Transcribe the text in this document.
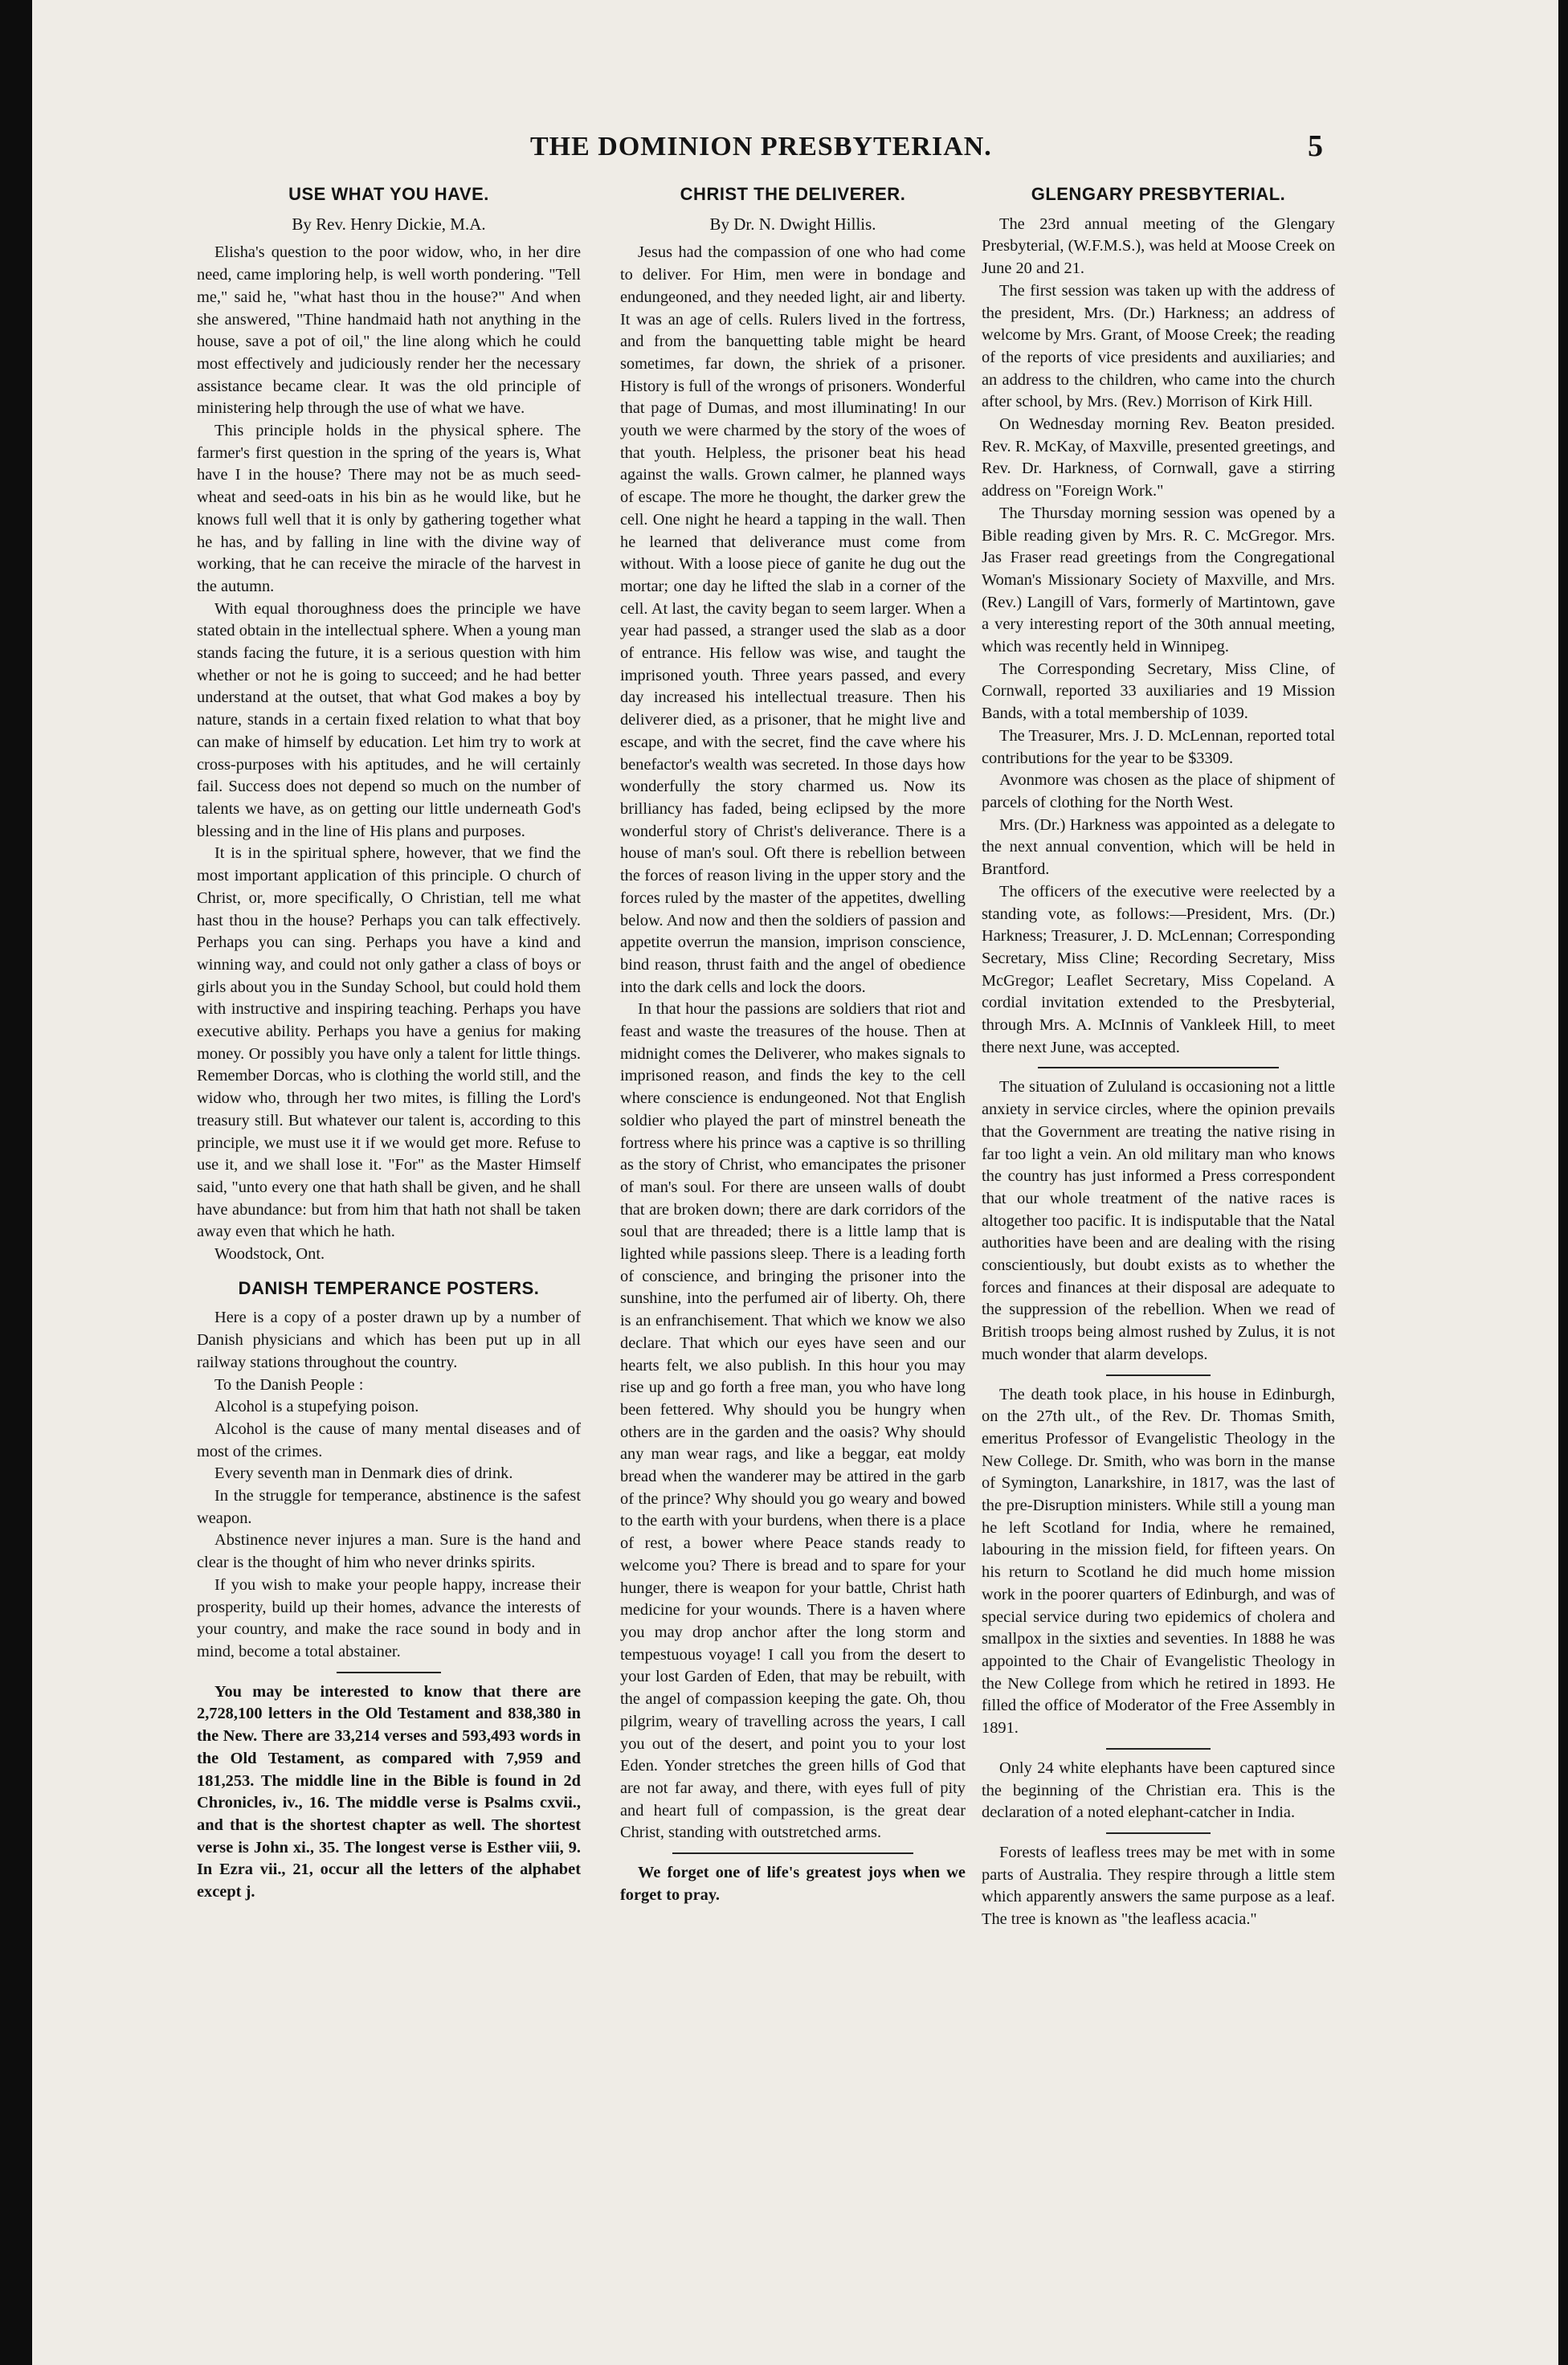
THE DOMINION PRESBYTERIAN.	5
USE WHAT YOU HAVE.
By Rev. Henry Dickie, M.A.

Elisha's question to the poor widow, who, in her dire need, came imploring help, is well worth pondering. "Tell me," said he, "what hast thou in the house?" And when she answered, "Thine handmaid hath not anything in the house, save a pot of oil," the line along which he could most effectively and judiciously render her the necessary assistance became clear. It was the old principle of ministering help through the use of what we have.

This principle holds in the physical sphere. The farmer's first question in the spring of the years is, What have I in the house? There may not be as much seed-wheat and seed-oats in his bin as he would like, but he knows full well that it is only by gathering together what he has, and by falling in line with the divine way of working, that he can receive the miracle of the harvest in the autumn.

With equal thoroughness does the principle we have stated obtain in the intellectual sphere. When a young man stands facing the future, it is a serious question with him whether or not he is going to succeed; and he had better understand at the outset, that what God makes a boy by nature, stands in a certain fixed relation to what that boy can make of himself by education. Let him try to work at cross-purposes with his aptitudes, and he will certainly fail. Success does not depend so much on the number of talents we have, as on getting our little underneath God's blessing and in the line of His plans and purposes.

It is in the spiritual sphere, however, that we find the most important application of this principle. O church of Christ, or, more specifically, O Christian, tell me what hast thou in the house? Perhaps you can talk effectively. Perhaps you can sing. Perhaps you have a kind and winning way, and could not only gather a class of boys or girls about you in the Sunday School, but could hold them with instructive and inspiring teaching. Perhaps you have executive ability. Perhaps you have a genius for making money. Or possibly you have only a talent for little things. Remember Dorcas, who is clothing the world still, and the widow who, through her two mites, is filling the Lord's treasury still. But whatever our talent is, according to this principle, we must use it if we would get more. Refuse to use it, and we shall lose it. "For" as the Master Himself said, "unto every one that hath shall be given, and he shall have abundance: but from him that hath not shall be taken away even that which he hath.

Woodstock, Ont.

DANISH TEMPERANCE POSTERS.

Here is a copy of a poster drawn up by a number of Danish physicians and which has been put up in all railway stations throughout the country.

To the Danish People :

Alcohol is a stupefying poison.

Alcohol is the cause of many mental diseases and of most of the crimes.

Every seventh man in Denmark dies of drink.

In the struggle for temperance, abstinence is the safest weapon.

Abstinence never injures a man. Sure is the hand and clear is the thought of him who never drinks spirits.

If you wish to make your people happy, increase their prosperity, build up their homes, advance the interests of your country, and make the race sound in body and in mind, become a total abstainer.

You may be interested to know that there are 2,728,100 letters in the Old Testament and 838,380 in the New. There are 33,214 verses and 593,493 words in the Old Testament, as compared with 7,959 and 181,253. The middle line in the Bible is found in 2d Chronicles, iv., 16. The middle verse is Psalms cxvii., and that is the shortest chapter as well. The shortest verse is John xi., 35. The longest verse is Esther viii, 9. In Ezra vii., 21, occur all the letters of the alphabet except j.

CHRIST THE DELIVERER.
By Dr. N. Dwight Hillis.

Jesus had the compassion of one who had come to deliver. For Him, men were in bondage and endungeoned, and they needed light, air and liberty. It was an age of cells. Rulers lived in the fortress, and from the banquetting table might be heard sometimes, far down, the shriek of a prisoner. History is full of the wrongs of prisoners. Wonderful that page of Dumas, and most illuminating! In our youth we were charmed by the story of the woes of that youth. Helpless, the prisoner beat his head against the walls. Grown calmer, he planned ways of escape. The more he thought, the darker grew the cell. One night he heard a tapping in the wall. Then he learned that deliverance must come from without. With a loose piece of ganite he dug out the mortar; one day he lifted the slab in a corner of the cell. At last, the cavity began to seem larger. When a year had passed, a stranger used the slab as a door of entrance. His fellow was wise, and taught the imprisoned youth. Three years passed, and every day increased his intellectual treasure. Then his deliverer died, as a prisoner, that he might live and escape, and with the secret, find the cave where his benefactor's wealth was secreted. In those days how wonderfully the story charmed us. Now its brilliancy has faded, being eclipsed by the more wonderful story of Christ's deliverance. There is a house of man's soul. Oft there is rebellion between the forces of reason living in the upper story and the forces ruled by the master of the appetites, dwelling below. And now and then the soldiers of passion and appetite overrun the mansion, imprison conscience, bind reason, thrust faith and the angel of obedience into the dark cells and lock the doors.

In that hour the passions are soldiers that riot and feast and waste the treasures of the house. Then at midnight comes the Deliverer, who makes signals to imprisoned reason, and finds the key to the cell where conscience is endungeoned. Not that English soldier who played the part of minstrel beneath the fortress where his prince was a captive is so thrilling as the story of Christ, who emancipates the prisoner of man's soul. For there are unseen walls of doubt that are broken down; there are dark corridors of the soul that are threaded; there is a little lamp that is lighted while passions sleep. There is a leading forth of conscience, and bringing the prisoner into the sunshine, into the perfumed air of liberty. Oh, there is an enfranchisement. That which we know we also declare. That which our eyes have seen and our hearts felt, we also publish. In this hour you may rise up and go forth a free man, you who have long been fettered. Why should you be hungry when others are in the garden and the oasis? Why should any man wear rags, and like a beggar, eat moldy bread when the wanderer may be attired in the garb of the prince? Why should you go weary and bowed to the earth with your burdens, when there is a place of rest, a bower where Peace stands ready to welcome you? There is bread and to spare for your hunger, there is weapon for your battle, Christ hath medicine for your wounds. There is a haven where you may drop anchor after the long storm and tempestuous voyage! I call you from the desert to your lost Garden of Eden, that may be rebuilt, with the angel of compassion keeping the gate. Oh, thou pilgrim, weary of travelling across the years, I call you out of the desert, and point you to your lost Eden. Yonder stretches the green hills of God that are not far away, and there, with eyes full of pity and heart full of compassion, is the great dear Christ, standing with outstretched arms.

We forget one of life's greatest joys when we forget to pray.

GLENGARY PRESBYTERIAL.

The 23rd annual meeting of the Glengary Presbyterial, (W.F.M.S.), was held at Moose Creek on June 20 and 21.

The first session was taken up with the address of the president, Mrs. (Dr.) Harkness; an address of welcome by Mrs. Grant, of Moose Creek; the reading of the reports of vice presidents and auxiliaries; and an address to the children, who came into the church after school, by Mrs. (Rev.) Morrison of Kirk Hill.

On Wednesday morning Rev. Beaton presided. Rev. R. McKay, of Maxville, presented greetings, and Rev. Dr. Harkness, of Cornwall, gave a stirring address on "Foreign Work."

The Thursday morning session was opened by a Bible reading given by Mrs. R. C. McGregor. Mrs. Jas Fraser read greetings from the Congregational Woman's Missionary Society of Maxville, and Mrs. (Rev.) Langill of Vars, formerly of Martintown, gave a very interesting report of the 30th annual meeting, which was recently held in Winnipeg.

The Corresponding Secretary, Miss Cline, of Cornwall, reported 33 auxiliaries and 19 Mission Bands, with a total membership of 1039.

The Treasurer, Mrs. J. D. McLennan, reported total contributions for the year to be $3309.

Avonmore was chosen as the place of shipment of parcels of clothing for the North West.

Mrs. (Dr.) Harkness was appointed as a delegate to the next annual convention, which will be held in Brantford.

The officers of the executive were reelected by a standing vote, as follows:—President, Mrs. (Dr.) Harkness; Treasurer, J. D. McLennan; Corresponding Secretary, Miss Cline; Recording Secretary, Miss McGregor; Leaflet Secretary, Miss Copeland. A cordial invitation extended to the Presbyterial, through Mrs. A. McInnis of Vankleek Hill, to meet there next June, was accepted.

The situation of Zululand is occasioning not a little anxiety in service circles, where the opinion prevails that the Government are treating the native rising in far too light a vein. An old military man who knows the country has just informed a Press correspondent that our whole treatment of the native races is altogether too pacific. It is indisputable that the Natal authorities have been and are dealing with the rising conscientiously, but doubt exists as to whether the forces and finances at their disposal are adequate to the suppression of the rebellion. When we read of British troops being almost rushed by Zulus, it is not much wonder that alarm develops.

The death took place, in his house in Edinburgh, on the 27th ult., of the Rev. Dr. Thomas Smith, emeritus Professor of Evangelistic Theology in the New College. Dr. Smith, who was born in the manse of Symington, Lanarkshire, in 1817, was the last of the pre-Disruption ministers. While still a young man he left Scotland for India, where he remained, labouring in the mission field, for fifteen years. On his return to Scotland he did much home mission work in the poorer quarters of Edinburgh, and was of special service during two epidemics of cholera and smallpox in the sixties and seventies. In 1888 he was appointed to the Chair of Evangelistic Theology in the New College from which he retired in 1893. He filled the office of Moderator of the Free Assembly in 1891.

Only 24 white elephants have been captured since the beginning of the Christian era. This is the declaration of a noted elephant-catcher in India.

Forests of leafless trees may be met with in some parts of Australia. They respire through a little stem which apparently answers the same purpose as a leaf. The tree is known as "the leafless acacia."
